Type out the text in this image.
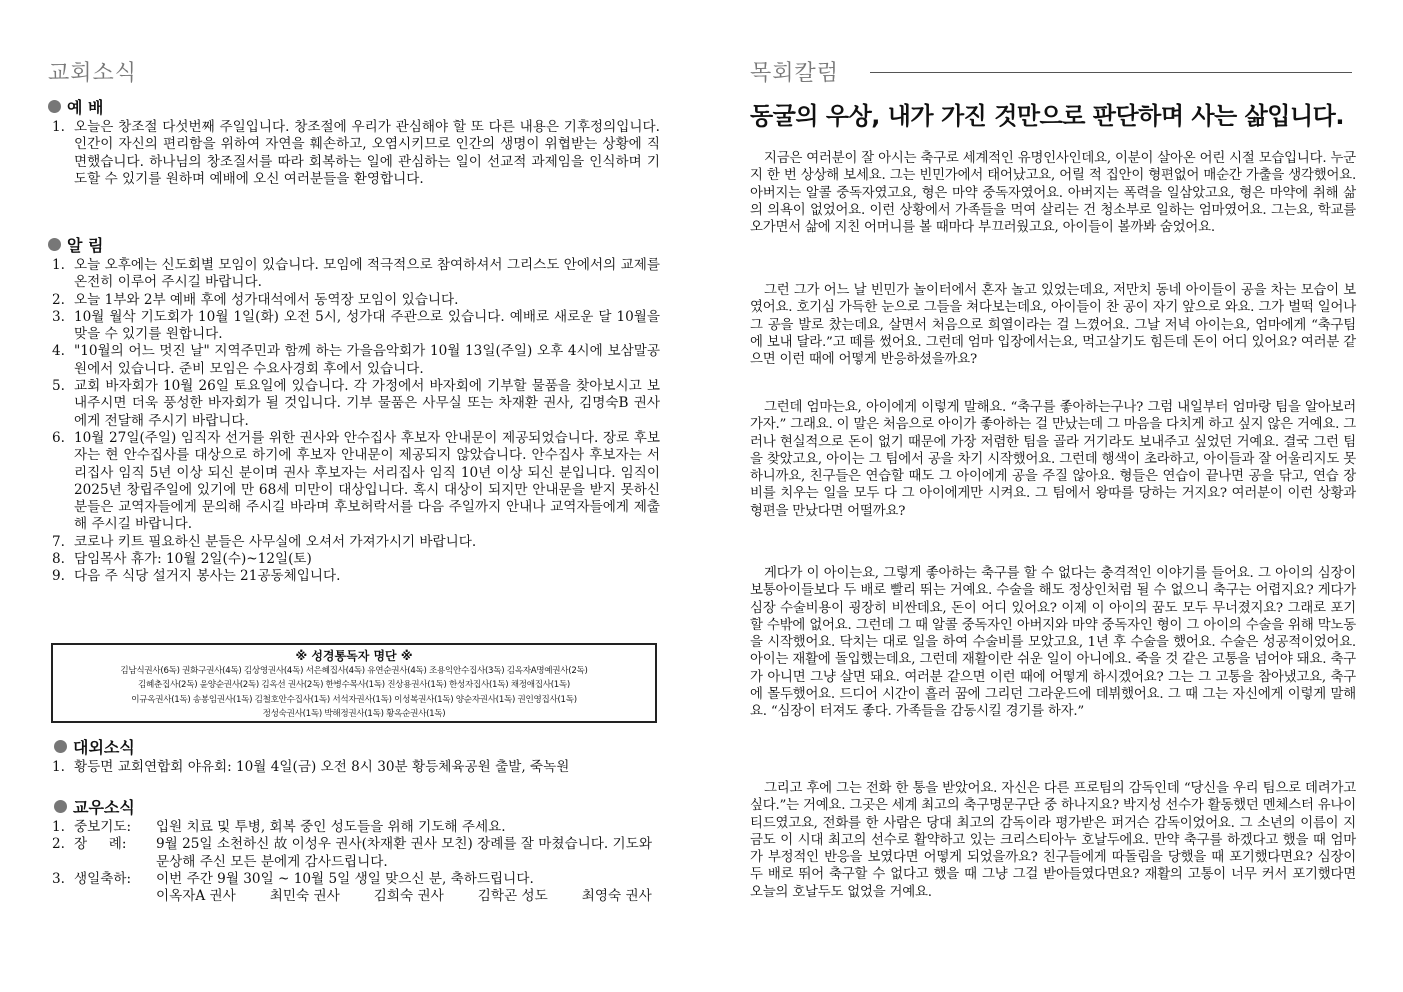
교회소식
예 배
1. 오늘은 창조절 다섯번째 주일입니다. 창조절에 우리가 관심해야 할 또 다른 내용은 기후정의입니다. 인간이 자신의 편리함을 위하여 자연을 훼손하고, 오염시키므로 인간의 생명이 위협받는 상황에 직면했습니다. 하나님의 창조질서를 따라 회복하는 일에 관심하는 일이 선교적 과제임을 인식하며 기도할 수 있기를 원하며 예배에 오신 여러분들을 환영합니다.
알 림
1. 오늘 오후에는 신도회별 모임이 있습니다. 모임에 적극적으로 참여하셔서 그리스도 안에서의 교제를 온전히 이루어 주시길 바랍니다.
2. 오늘 1부와 2부 예배 후에 성가대석에서 동역장 모임이 있습니다.
3. 10월 월삭 기도회가 10월 1일(화) 오전 5시, 성가대 주관으로 있습니다. 예배로 새로운 달 10월을 맞을 수 있기를 원합니다.
4. "10월의 어느 멋진 날" 지역주민과 함께 하는 가을음악회가 10월 13일(주일) 오후 4시에 보삼말공원에서 있습니다. 준비 모임은 수요사경회 후에서 있습니다.
5. 교회 바자회가 10월 26일 토요일에 있습니다. 각 가정에서 바자회에 기부할 물품을 찾아보시고 보내주시면 더욱 풍성한 바자회가 될 것입니다. 기부 물품은 사무실 또는 차재환 권사, 김명숙B 권사에게 전달해 주시기 바랍니다.
6. 10월 27일(주일) 임직자 선거를 위한 권사와 안수집사 후보자 안내문이 제공되었습니다. 장로 후보자는 현 안수집사를 대상으로 하기에 후보자 안내문이 제공되지 않았습니다. 안수집사 후보자는 서리집사 임직 5년 이상 되신 분이며 권사 후보자는 서리집사 임직 10년 이상 되신 분입니다. 임직이 2025년 창립주일에 있기에 만 68세 미만이 대상입니다. 혹시 대상이 되지만 안내문을 받지 못하신 분들은 교역자들에게 문의해 주시길 바라며 후보허락서를 다음 주일까지 안내나 교역자들에게 제출해 주시길 바랍니다.
7. 코로나 키트 필요하신 분들은 사무실에 오셔서 가져가시기 바랍니다.
8. 담임목사 휴가: 10월 2일(수)~12일(토)
9. 다음 주 식당 설거지 봉사는 21공동체입니다.
※ 성경통독자 명단 ※
김남식권사(6독) 권화구권사(4독) 김상영권사(4독) 서은혜집사(4독) 유연순권사(4독) 조용익안수집사(3독) 김옥자A명예권사(2독)
김혜춘집사(2독) 윤양순권사(2독) 김옥선 권사(2독) 한병수목사(1독) 진상용권사(1독) 한성자집사(1독) 채정애집사(1독)
이규옥권사(1독) 송봉임권사(1독) 김철호안수집사(1독) 서석자권사(1독) 이성복권사(1독) 양순자권사(1독) 권인영집사(1독)
정성숙권사(1독) 박해정권사(1독) 황옥순권사(1독)
대외소식
1. 황등면 교회연합회 야유회: 10월 4일(금) 오전 8시 30분 황등체육공원 출발, 죽녹원
교우소식
1. 중보기도:	입원 치료 및 투병, 회복 중인 성도들을 위해 기도해 주세요.
2. 장     례:	9월 25일 소천하신 故 이성우 권사(차재환 권사 모친) 장례를 잘 마쳤습니다. 기도와 문상해 주신 모든 분에게 감사드립니다.
3. 생일축하:	이번 주간 9월 30일 ~ 10월 5일 생일 맞으신 분, 축하드립니다.
이옥자A 권사	최민숙 권사	김희숙 권사	김학곤 성도	최영숙 권사
목회칼럼
동굴의 우상, 내가 가진 것만으로 판단하며 사는 삶입니다.

지금은 여러분이 잘 아시는 축구로 세계적인 유명인사인데요, 이분이 살아온 어린 시절 모습입니다. 누군지 한 번 상상해 보세요. 그는 빈민가에서 태어났고요, 어릴 적 집안이 형편없어 매순간 가출을 생각했어요. 아버지는 알콜 중독자였고요, 형은 마약 중독자였어요. 아버지는 폭력을 일삼았고요, 형은 마약에 취해 삶의 의욕이 없었어요. 이런 상황에서 가족들을 먹여 살리는 건 청소부로 일하는 엄마였어요. 그는요, 학교를 오가면서 삶에 지친 어머니를 볼 때마다 부끄러웠고요, 아이들이 볼까봐 숨었어요.

그런 그가 어느 날 빈민가 놀이터에서 혼자 놀고 있었는데요, 저만치 동네 아이들이 공을 차는 모습이 보였어요. 호기심 가득한 눈으로 그들을 쳐다보는데요, 아이들이 찬 공이 자기 앞으로 와요. 그가 벌떡 일어나 그 공을 발로 찼는데요, 살면서 처음으로 희열이라는 걸 느꼈어요. 그날 저녁 아이는요, 엄마에게 “축구팀에 보내 달라.”고 떼를 썼어요. 그런데 엄마 입장에서는요, 먹고살기도 힘든데 돈이 어디 있어요? 여러분 같으면 이런 때에 어떻게 반응하셨을까요?

그런데 엄마는요, 아이에게 이렇게 말해요. “축구를 좋아하는구나? 그럼 내일부터 엄마랑 팀을 알아보러 가자.” 그래요. 이 말은 처음으로 아이가 좋아하는 걸 만났는데 그 마음을 다치게 하고 싶지 않은 거예요. 그러나 현실적으로 돈이 없기 때문에 가장 저렴한 팀을 골라 거기라도 보내주고 싶었던 거예요. 결국 그런 팀을 찾았고요, 아이는 그 팀에서 공을 차기 시작했어요. 그런데 행색이 초라하고, 아이들과 잘 어울리지도 못하니까요, 친구들은 연습할 때도 그 아이에게 공을 주질 않아요. 형들은 연습이 끝나면 공을 닦고, 연습 장비를 치우는 일을 모두 다 그 아이에게만 시켜요. 그 팀에서 왕따를 당하는 거지요? 여러분이 이런 상황과 형편을 만났다면 어떨까요?

게다가 이 아이는요, 그렇게 좋아하는 축구를 할 수 없다는 충격적인 이야기를 들어요. 그 아이의 심장이 보통아이들보다 두 배로 빨리 뛰는 거예요. 수술을 해도 정상인처럼 될 수 없으니 축구는 어렵지요? 게다가 심장 수술비용이 굉장히 비싼데요, 돈이 어디 있어요? 이제 이 아이의 꿈도 모두 무너졌지요? 그래로 포기할 수밖에 없어요. 그런데 그 때 알콜 중독자인 아버지와 마약 중독자인 형이 그 아이의 수술을 위해 막노동을 시작했어요. 닥치는 대로 일을 하여 수술비를 모았고요, 1년 후 수술을 했어요. 수술은 성공적이었어요. 아이는 재활에 돌입했는데요, 그런데 재활이란 쉬운 일이 아니에요. 죽을 것 같은 고통을 넘어야 돼요. 축구가 아니면 그냥 살면 돼요. 여러분 같으면 이런 때에 어떻게 하시겠어요? 그는 그 고통을 참아냈고요, 축구에 몰두했어요. 드디어 시간이 흘러 꿈에 그리던 그라운드에 데뷔했어요. 그 때 그는 자신에게 이렇게 말해요. “심장이 터져도 좋다. 가족들을 감동시킬 경기를 하자.”

그리고 후에 그는 전화 한 통을 받았어요. 자신은 다른 프로팀의 감독인데 “당신을 우리 팀으로 데려가고 싶다.”는 거예요. 그곳은 세계 최고의 축구명문구단 중 하나지요? 박지성 선수가 활동했던 멘체스터 유나이티드였고요, 전화를 한 사람은 당대 최고의 감독이라 평가받은 퍼거슨 감독이었어요. 그 소년의 이름이 지금도 이 시대 최고의 선수로 활약하고 있는 크리스티아누 호날두에요. 만약 축구를 하겠다고 했을 때 엄마가 부정적인 반응을 보였다면 어떻게 되었을까요? 친구들에게 따돌림을 당했을 때 포기했다면요? 심장이 두 배로 뛰어 축구할 수 없다고 했을 때 그냥 그걸 받아들였다면요? 재활의 고통이 너무 커서 포기했다면 오늘의 호날두도 없었을 거예요.
